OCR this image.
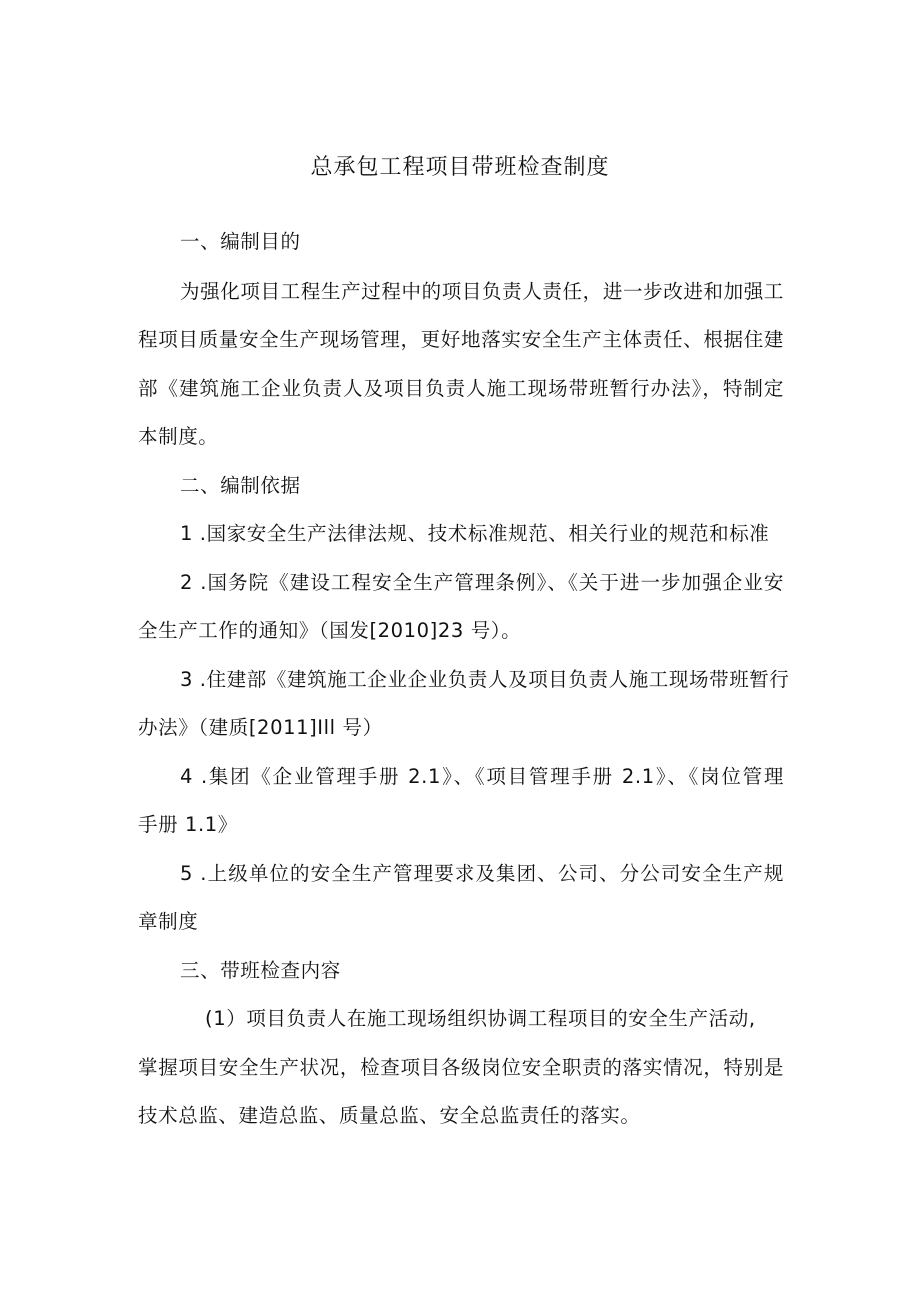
总承包工程项目带班检查制度
一、编制目的
为强化项目工程生产过程中的项目负责人责任，进一步改进和加强工
程项目质量安全生产现场管理，更好地落实安全生产主体责任、根据住建
部《建筑施工企业负责人及项目负责人施工现场带班暂行办法》，特制定
本制度。
二、编制依据
1 .国家安全生产法律法规、技术标准规范、相关行业的规范和标准
2 .国务院《建设工程安全生产管理条例》、《关于进一步加强企业安
全生产工作的通知》（国发[2010]23 号）。
3 .住建部《建筑施工企业企业负责人及项目负责人施工现场带班暂行
办法》（建质[2011]Ill 号）
4 .集团《企业管理手册 2.1》、《项目管理手册 2.1》、《岗位管理
手册 1.1》
5 .上级单位的安全生产管理要求及集团、公司、分公司安全生产规
章制度
三、带班检查内容
(1）项目负责人在施工现场组织协调工程项目的安全生产活动,
掌握项目安全生产状况，检查项目各级岗位安全职责的落实情况，特别是
技术总监、建造总监、质量总监、安全总监责任的落实。
